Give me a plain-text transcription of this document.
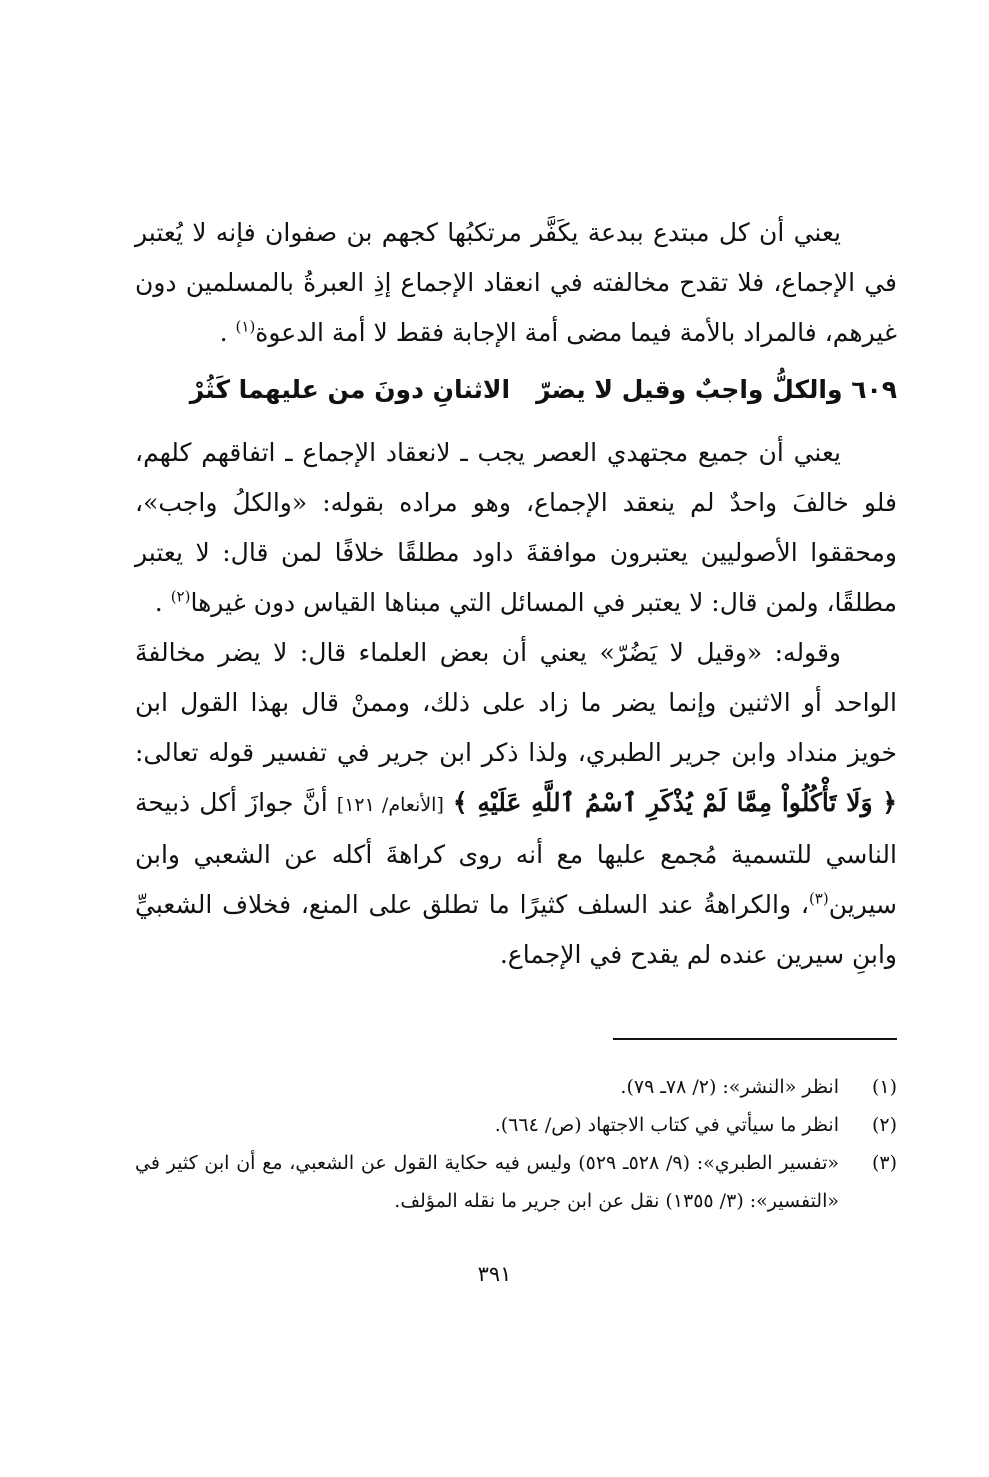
يعني أن كل مبتدع ببدعة يكَفَّر مرتكبُها كجهم بن صفوان فإنه لا يُعتبر في الإجماع، فلا تقدح مخالفته في انعقاد الإجماع إذِ العبرةُ بالمسلمين دون غيرهم، فالمراد بالأمة فيما مضى أمة الإجابة فقط لا أمة الدعوة$^{(١)}$ .

٦٠٩ والكلُّ واجبٌ وقيل لا يضرّالاثنانِ دونَ من عليهما كَثُرْ

يعني أن جميع مجتهدي العصر يجب ـ لانعقاد الإجماع ـ اتفاقهم كلهم، فلو خالفَ واحدٌ لم ينعقد الإجماع، وهو مراده بقوله: «والكلُ واجب»، ومحققوا الأصوليين يعتبرون موافقةَ داود مطلقًا خلافًا لمن قال: لا يعتبر مطلقًا، ولمن قال: لا يعتبر في المسائل التي مبناها القياس دون غيرها$^{(٢)}$ .

وقوله: «وقيل لا يَضُرّ» يعني أن بعض العلماء قال: لا يضر مخالفةَ الواحد أو الاثنين وإنما يضر ما زاد على ذلك، وممنْ قال بهذا القول ابن خويز منداد وابن جرير الطبري، ولذا ذكر ابن جرير في تفسير قوله تعالى: ﴿ وَلَا تَأْكُلُواْ مِمَّا لَمْ يُذْكَرِ ٱسْمُ ٱللَّهِ عَلَيْهِ ﴾ [الأنعام/ ١٢١] أنَّ جوازَ أكل ذبيحة الناسي للتسمية مُجمع عليها مع أنه روى كراهةَ أكله عن الشعبي وابن سيرين$^{(٣)}$، والكراهةُ عند السلف كثيرًا ما تطلق على المنع، فخلاف الشعبيِّ وابنِ سيرين عنده لم يقدح في الإجماع.

(١)
انظر «النشر»: (٢/ ٧٨ـ ٧٩).
(٢)
انظر ما سيأتي في كتاب الاجتهاد (ص/ ٦٦٤).
(٣)
«تفسير الطبري»: (٩/ ٥٢٨ـ ٥٢٩) وليس فيه حكاية القول عن الشعبي، مع أن ابن كثير في «التفسير»: (٣/ ١٣٥٥) نقل عن ابن جرير ما نقله المؤلف.
٣٩١
